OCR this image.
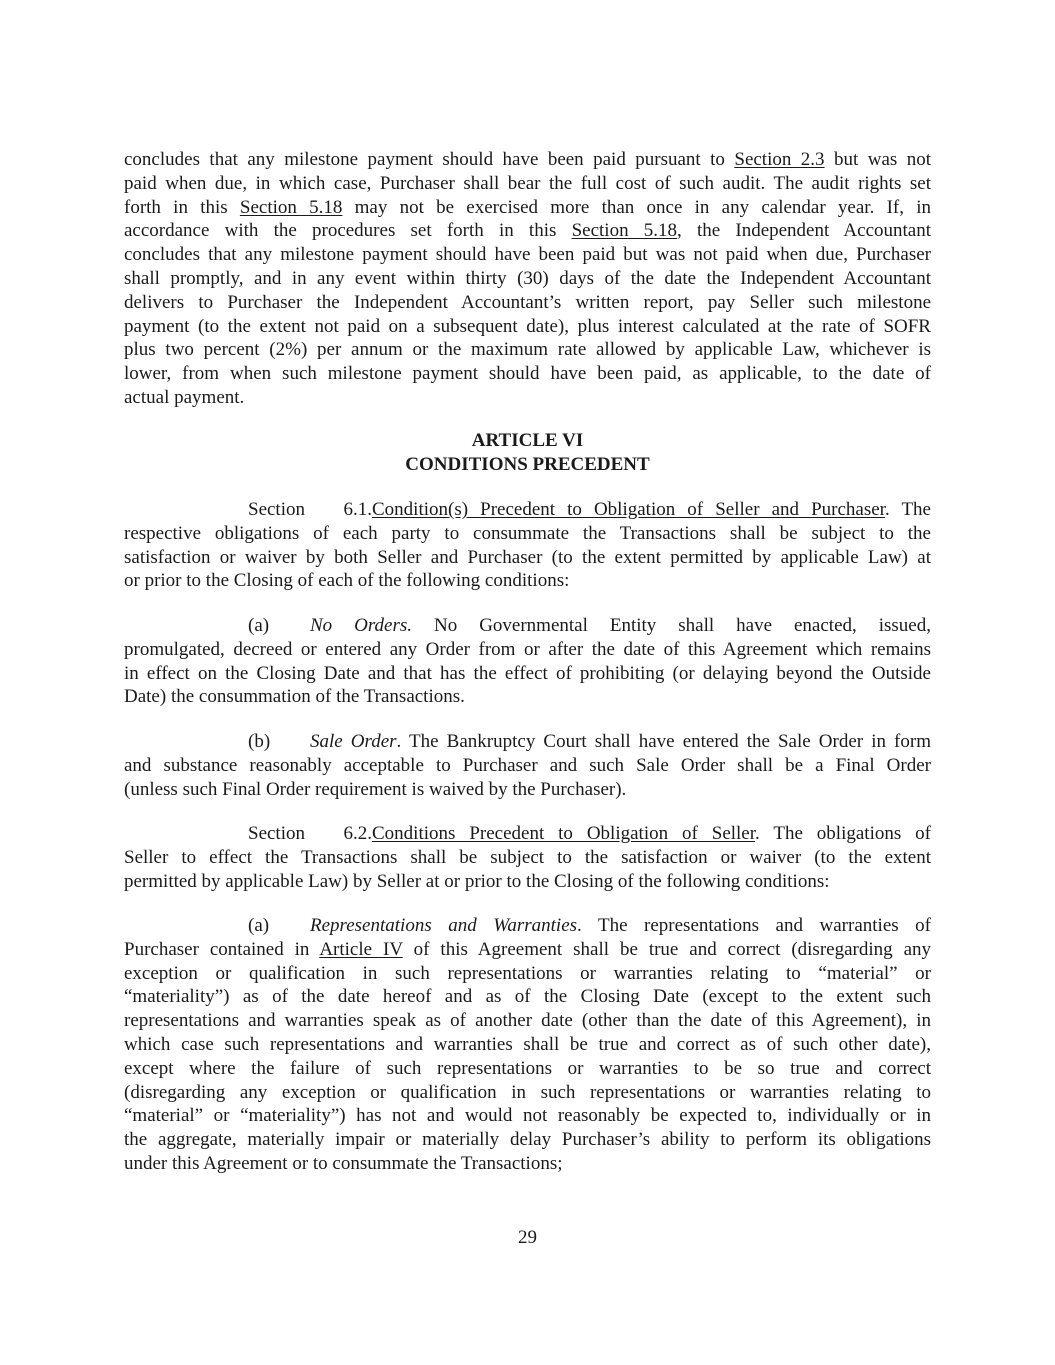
ARTICLE VI
CONDITIONS PRECEDENT
concludes that any milestone payment should have been paid pursuant to Section 2.3 but was not
paid when due, in which case, Purchaser shall bear the full cost of such audit. The audit rights set
forth in this Section 5.18 may not be exercised more than once in any calendar year. If, in
accordance with the procedures set forth in this Section 5.18, the Independent Accountant
concludes that any milestone payment should have been paid but was not paid when due, Purchaser
shall promptly, and in any event within thirty (30) days of the date the Independent Accountant
delivers to Purchaser the Independent Accountant’s written report, pay Seller such milestone
payment (to the extent not paid on a subsequent date), plus interest calculated at the rate of SOFR
plus two percent (2%) per annum or the maximum rate allowed by applicable Law, whichever is
lower, from when such milestone payment should have been paid, as applicable, to the date of
actual payment.
Section 6.1.Condition(s) Precedent to Obligation of Seller and Purchaser. The
respective obligations of each party to consummate the Transactions shall be subject to the
satisfaction or waiver by both Seller and Purchaser (to the extent permitted by applicable Law) at
or prior to the Closing of each of the following conditions:
(a) No Orders. No Governmental Entity shall have enacted, issued,
promulgated, decreed or entered any Order from or after the date of this Agreement which remains
in effect on the Closing Date and that has the effect of prohibiting (or delaying beyond the Outside
Date) the consummation of the Transactions.
(b) Sale Order. The Bankruptcy Court shall have entered the Sale Order in form
and substance reasonably acceptable to Purchaser and such Sale Order shall be a Final Order
(unless such Final Order requirement is waived by the Purchaser).
Section 6.2.Conditions Precedent to Obligation of Seller. The obligations of
Seller to effect the Transactions shall be subject to the satisfaction or waiver (to the extent
permitted by applicable Law) by Seller at or prior to the Closing of the following conditions:
(a) Representations and Warranties. The representations and warranties of
Purchaser contained in Article IV of this Agreement shall be true and correct (disregarding any
exception or qualification in such representations or warranties relating to “material” or
“materiality”) as of the date hereof and as of the Closing Date (except to the extent such
representations and warranties speak as of another date (other than the date of this Agreement), in
which case such representations and warranties shall be true and correct as of such other date),
except where the failure of such representations or warranties to be so true and correct
(disregarding any exception or qualification in such representations or warranties relating to
“material” or “materiality”) has not and would not reasonably be expected to, individually or in
the aggregate, materially impair or materially delay Purchaser’s ability to perform its obligations
under this Agreement or to consummate the Transactions;
29
